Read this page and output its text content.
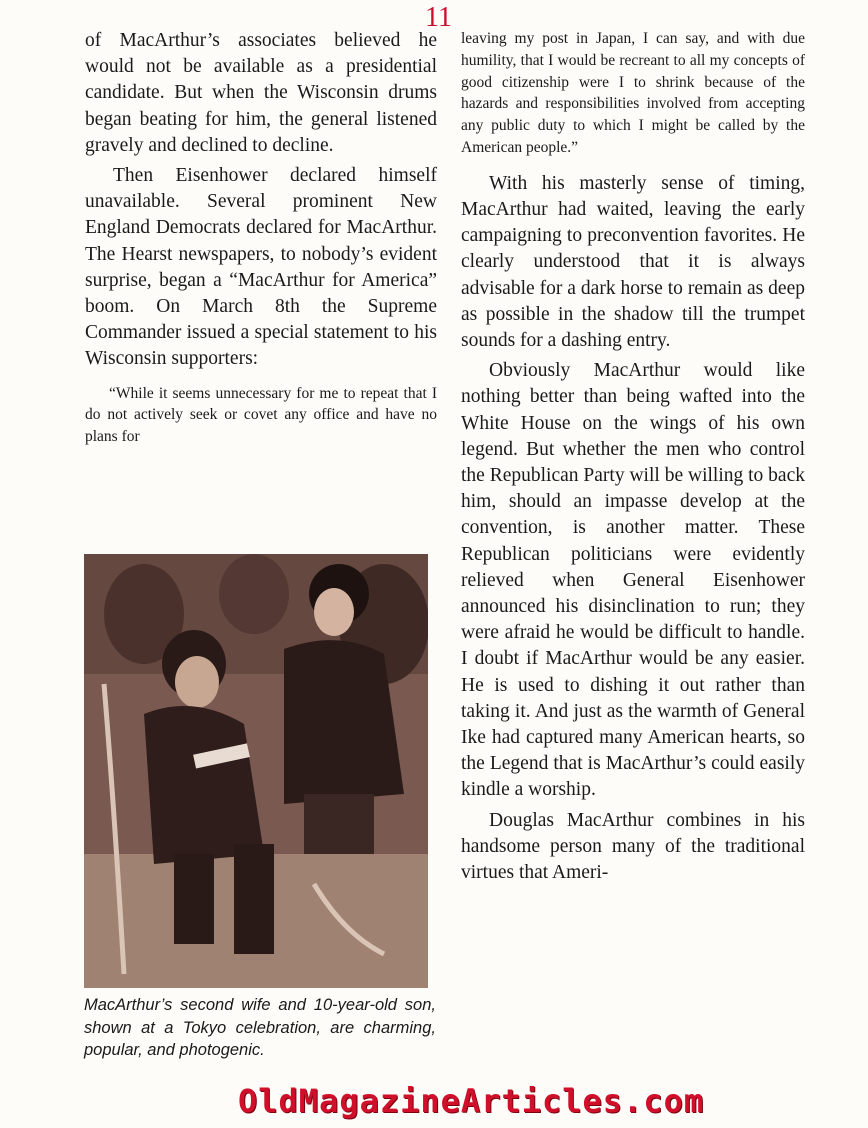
11

of MacArthur’s associates believed he would not be available as a presidential candidate. But when the Wisconsin drums began beating for him, the general listened gravely and declined to decline.

Then Eisenhower declared himself unavailable. Several prominent New England Democrats declared for MacArthur. The Hearst newspapers, to nobody’s evident surprise, began a “MacArthur for America” boom. On March 8th the Supreme Commander issued a special statement to his Wisconsin supporters:

“While it seems unnecessary for me to repeat that I do not actively seek or covet any office and have no plans for

MacArthur’s second wife and 10-year-old son, shown at a Tokyo celebration, are charming, popular, and photogenic.

leaving my post in Japan, I can say, and with due humility, that I would be recreant to all my concepts of good citizenship were I to shrink because of the hazards and responsibilities involved from accepting any public duty to which I might be called by the American people.”

With his masterly sense of timing, MacArthur had waited, leaving the early campaigning to preconvention favorites. He clearly understood that it is always advisable for a dark horse to remain as deep as possible in the shadow till the trumpet sounds for a dashing entry.

Obviously MacArthur would like nothing better than being wafted into the White House on the wings of his own legend. But whether the men who control the Republican Party will be willing to back him, should an impasse develop at the convention, is another matter. These Republican politicians were evidently relieved when General Eisenhower announced his disinclination to run; they were afraid he would be difficult to handle. I doubt if MacArthur would be any easier. He is used to dishing it out rather than taking it. And just as the warmth of General Ike had captured many American hearts, so the Legend that is MacArthur’s could easily kindle a worship.

Douglas MacArthur combines in his handsome person many of the traditional virtues that Ameri-

OldMagazineArticles.com
